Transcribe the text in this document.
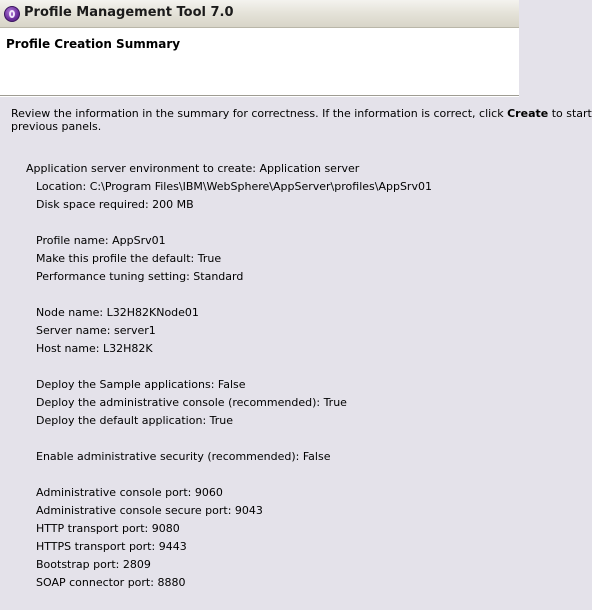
Profile Management Tool 7.0
Profile Creation Summary
Review the information in the summary for correctness. If the information is correct, click Create to start
previous panels.
Application server environment to create: Application server
Location: C:\Program Files\IBM\WebSphere\AppServer\profiles\AppSrv01
Disk space required: 200 MB
Profile name: AppSrv01
Make this profile the default: True
Performance tuning setting: Standard
Node name: L32H82KNode01
Server name: server1
Host name: L32H82K
Deploy the Sample applications: False
Deploy the administrative console (recommended): True
Deploy the default application: True
Enable administrative security (recommended): False
Administrative console port: 9060
Administrative console secure port: 9043
HTTP transport port: 9080
HTTPS transport port: 9443
Bootstrap port: 2809
SOAP connector port: 8880
